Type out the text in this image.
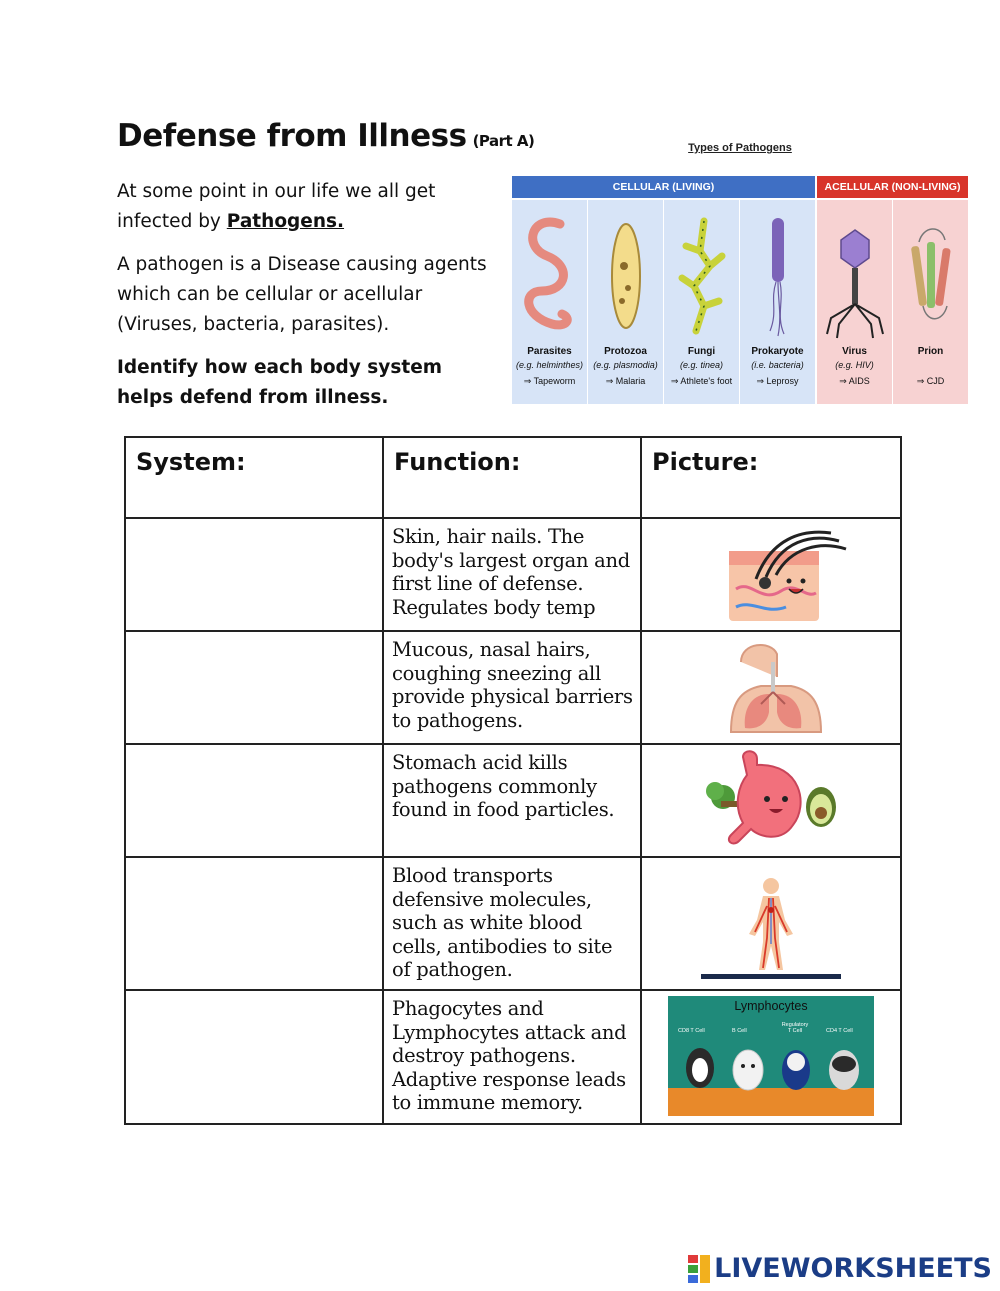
Defense from Illness (Part A)
At some point in our life we all get infected by Pathogens.
A pathogen is a Disease causing agents which can be cellular or acellular (Viruses, bacteria, parasites).
Identify how each body system helps defend from illness.
Types of Pathogens
CELLULAR (LIVING)	ACELLULAR (NON-LIVING)
Parasites
(e.g. helminthes)
⇒ Tapeworm
Protozoa
(e.g. plasmodia)
⇒ Malaria
Fungi
(e.g. tinea)
⇒ Athlete's foot
Prokaryote
(i.e. bacteria)
⇒ Leprosy
Virus
(e.g. HIV)
⇒ AIDS
Prion
⇒ CJD
System:	Function:	Picture:
	Skin, hair nails. The body's largest organ and first line of defense. Regulates body temp	

	Mucous, nasal hairs, coughing sneezing all provide physical barriers to pathogens.	

	Stomach acid kills pathogens commonly found in food particles.	

	Blood transports defensive molecules, such as white blood cells, antibodies to site of pathogen.	

	Phagocytes and Lymphocytes attack and destroy pathogens. Adaptive response leads to immune memory.	Lymphocytes
CD8 T Cell B Cell
Regulatory T Cell CD4 T Cell
LIVEWORKSHEETS
